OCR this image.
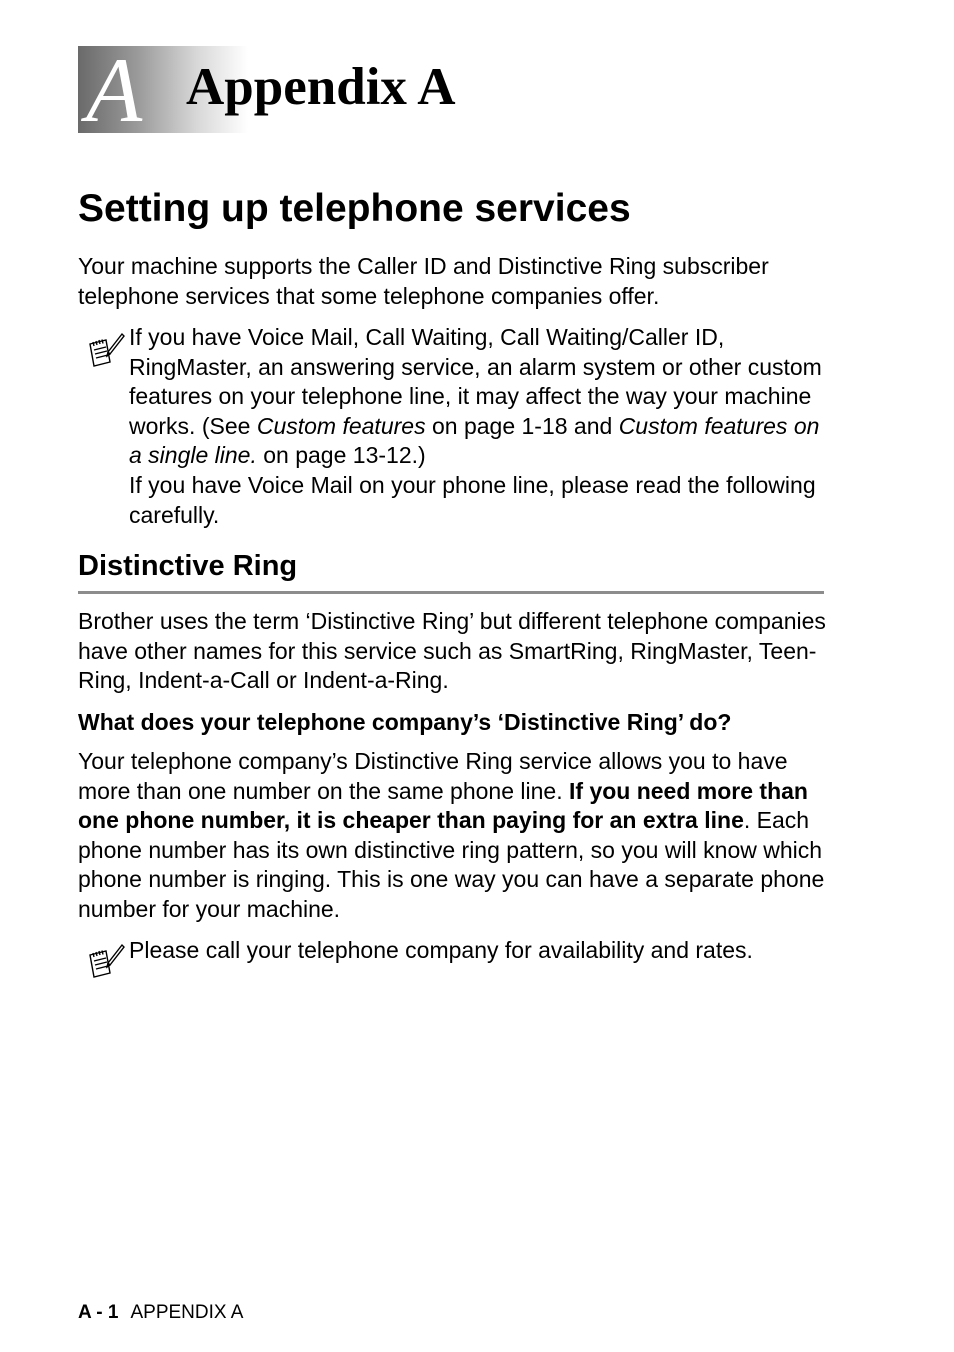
A Appendix A
Setting up telephone services

Your machine supports the Caller ID and Distinctive Ring subscriber telephone services that some telephone companies offer.

If you have Voice Mail, Call Waiting, Call Waiting/Caller ID, RingMaster, an answering service, an alarm system or other custom features on your telephone line, it may affect the way your machine works. (See Custom features on page 1-18 and Custom features on a single line. on page 13-12.)
If you have Voice Mail on your phone line, please read the following carefully.

Distinctive Ring

Brother uses the term ‘Distinctive Ring’ but different telephone companies have other names for this service such as SmartRing, RingMaster, Teen-Ring, Indent-a-Call or Indent-a-Ring.

What does your telephone company’s ‘Distinctive Ring’ do?

Your telephone company’s Distinctive Ring service allows you to have more than one number on the same phone line. If you need more than one phone number, it is cheaper than paying for an extra line. Each phone number has its own distinctive ring pattern, so you will know which phone number is ringing. This is one way you can have a separate phone number for your machine.

Please call your telephone company for availability and rates.

A - 1 APPENDIX A
